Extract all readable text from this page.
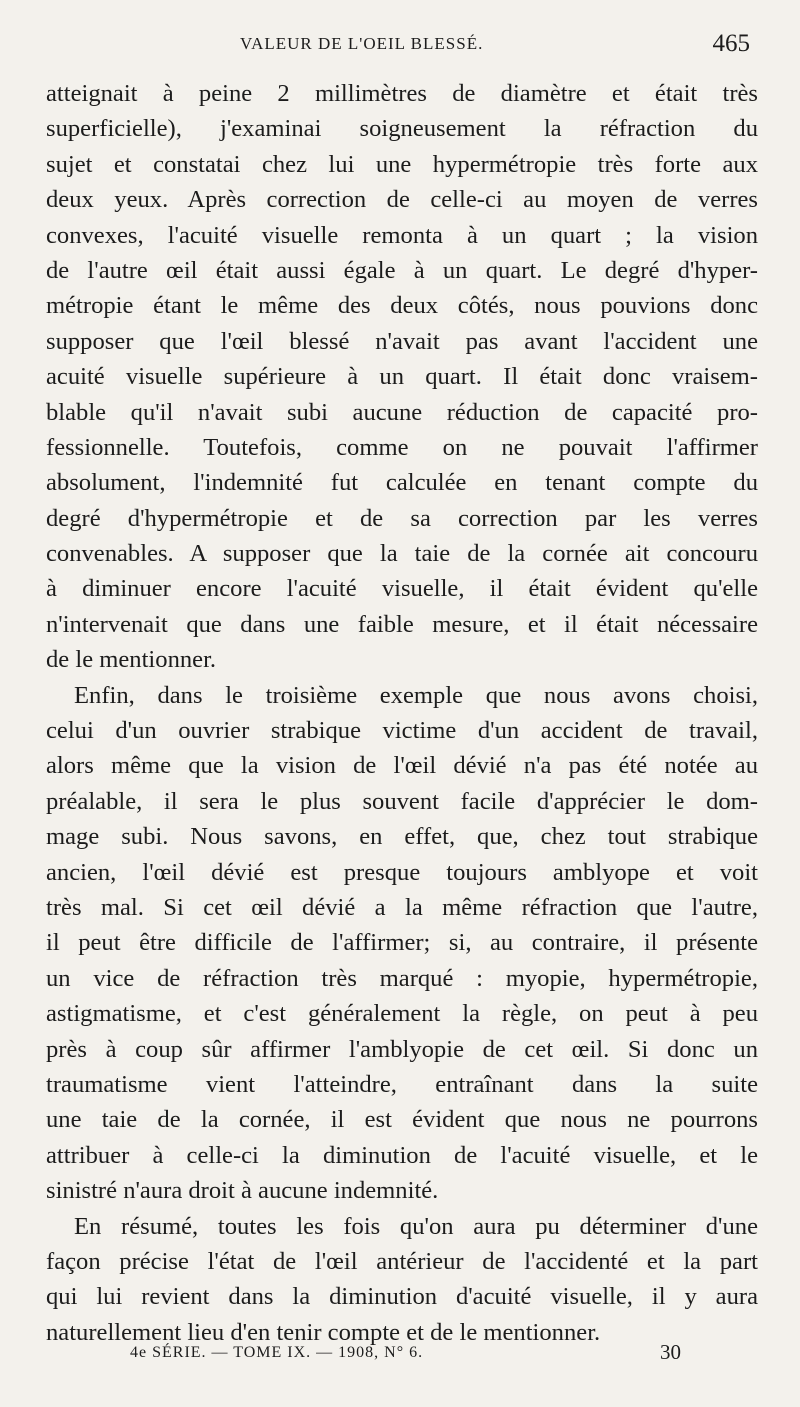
VALEUR DE L'OEIL BLESSÉ.	465
atteignait à peine 2 millimètres de diamètre et était très
superficielle), j'examinai soigneusement la réfraction du
sujet et constatai chez lui une hypermétropie très forte aux
deux yeux. Après correction de celle-ci au moyen de verres
convexes, l'acuité visuelle remonta à un quart ; la vision
de l'autre œil était aussi égale à un quart. Le degré d'hyper-
métropie étant le même des deux côtés, nous pouvions donc
supposer que l'œil blessé n'avait pas avant l'accident une
acuité visuelle supérieure à un quart. Il était donc vraisem-
blable qu'il n'avait subi aucune réduction de capacité pro-
fessionnelle. Toutefois, comme on ne pouvait l'affirmer
absolument, l'indemnité fut calculée en tenant compte du
degré d'hypermétropie et de sa correction par les verres
convenables. A supposer que la taie de la cornée ait concouru
à diminuer encore l'acuité visuelle, il était évident qu'elle
n'intervenait que dans une faible mesure, et il était nécessaire
de le mentionner.
Enfin, dans le troisième exemple que nous avons choisi,
celui d'un ouvrier strabique victime d'un accident de travail,
alors même que la vision de l'œil dévié n'a pas été notée au
préalable, il sera le plus souvent facile d'apprécier le dom-
mage subi. Nous savons, en effet, que, chez tout strabique
ancien, l'œil dévié est presque toujours amblyope et voit
très mal. Si cet œil dévié a la même réfraction que l'autre,
il peut être difficile de l'affirmer; si, au contraire, il présente
un vice de réfraction très marqué : myopie, hypermétropie,
astigmatisme, et c'est généralement la règle, on peut à peu
près à coup sûr affirmer l'amblyopie de cet œil. Si donc un
traumatisme vient l'atteindre, entraînant dans la suite
une taie de la cornée, il est évident que nous ne pourrons
attribuer à celle-ci la diminution de l'acuité visuelle, et le
sinistré n'aura droit à aucune indemnité.
En résumé, toutes les fois qu'on aura pu déterminer d'une
façon précise l'état de l'œil antérieur de l'accidenté et la part
qui lui revient dans la diminution d'acuité visuelle, il y aura
naturellement lieu d'en tenir compte et de le mentionner.
4e SÉRIE. — TOME IX. — 1908, N° 6.	30
